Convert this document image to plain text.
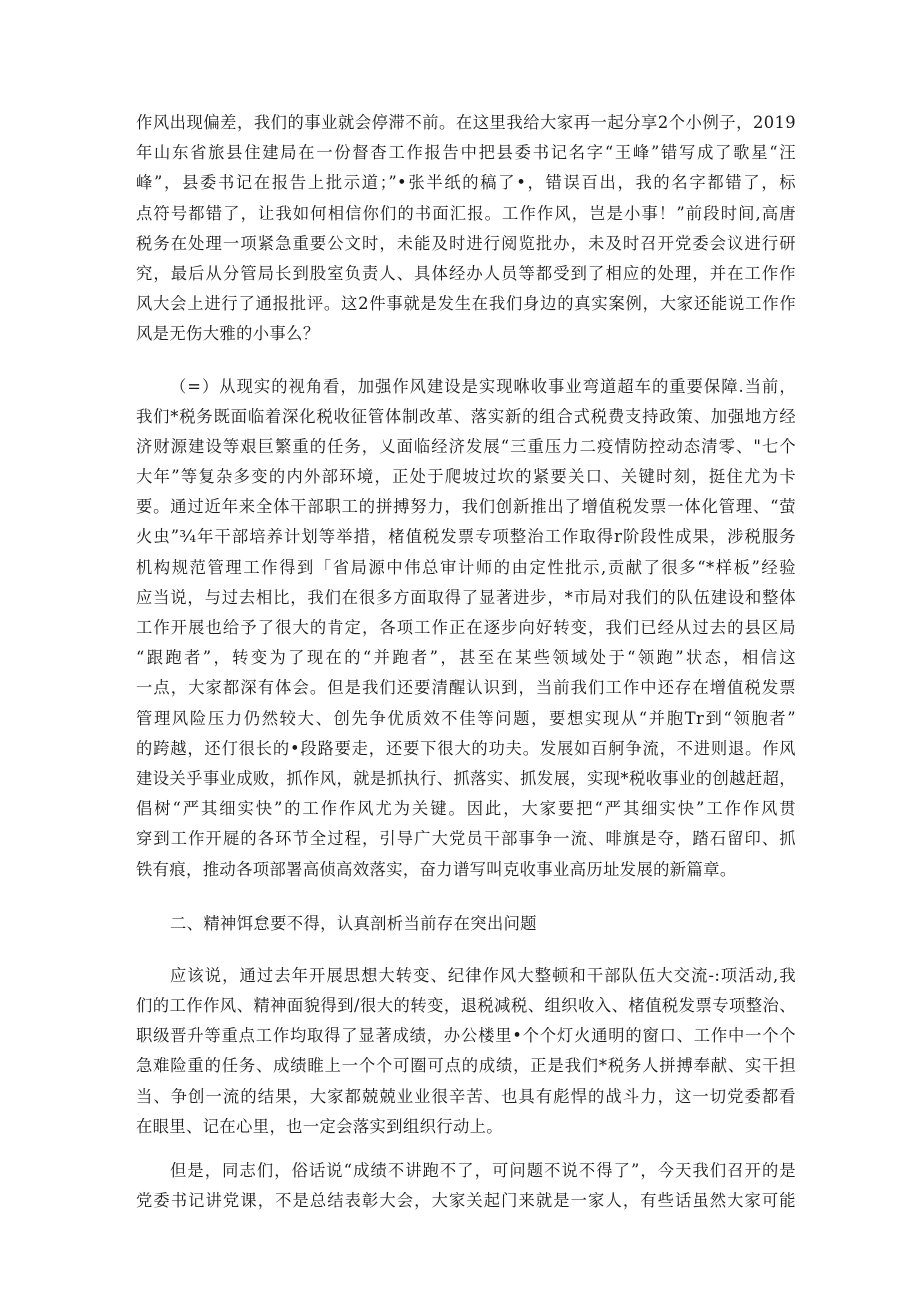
作风出现偏差，我们的事业就会停滞不前。在这里我给大家再一起分享2个小例子，2019
年山东省旅县住建局在一份督杳工作报告中把县委书记名字“王峰”错写成了歌星“汪
峰”，县委书记在报告上批示道；”•张半纸的稿了•，错误百出，我的名字都错了，标
点符号都错了，让我如何相信你们的书面汇报。工作作风，岂是小事！”前段时间,高唐
税务在处理一项紧急重要公文时，未能及时进行阅览批办，未及时召开党委会议进行研
究，最后从分管局长到股室负责人、具体经办人员等都受到了相应的处理，并在工作作
风大会上进行了通报批评。这2件事就是发生在我们身边的真实案例，大家还能说工作作
风是无伤大雅的小事么？
（=）从现实的视角看，加强作风建设是实现咻收事业弯道超车的重要保障.当前，
我们*税务既面临着深化税收征管体制改革、落实新的组合式税费支持政策、加强地方经
济财源建设等艰巨繁重的任务，乂面临经济发展“三重压力二疫情防控动态清零、"七个
大年”等复杂多变的内外部环境，正处于爬坡过坎的紧要关口、关键时刻，挺住尤为卡
要。通过近年来全体干部职工的拼搏努力，我们创新推出了增值税发票一体化管理、“萤
火虫”³⁄₄年干部培养计划等举措，楮值税发票专项整治工作取得r阶段性成果，涉税服务
机构规范管理工作得到「省局源中伟总审计师的由定性批示,贡献了很多“*样板”经验
应当说，与过去相比，我们在很多方面取得了显著进步，*市局对我们的队伍建设和整体
工作开展也给予了很大的肯定，各项工作正在逐步向好转变，我们已经从过去的县区局
“跟跑者”，转变为了现在的“并跑者”，甚至在某些领域处于“领跑”状态，相信这
一点，大家都深有体会。但是我们还要清醒认识到，当前我们工作中还存在增值税发票
管理风险压力仍然较大、创先争优质效不佳等问题，要想实现从“并胞Tr到“领胞者”
的跨越，还仃很长的•段路要走，还要下很大的功夫。发展如百舸争流，不进则退。作风
建设关乎事业成败，抓作风，就是抓执行、抓落实、抓发展，实现*税收事业的创越赶超，
倡树“严其细实快”的工作作风尤为关键。因此，大家要把“严其细实快”工作作风贯
穿到工作开屣的各环节全过程，引导广大党员干部事争一流、啡旗是夺，踏石留印、抓
铁有痕，推动各项部署高侦高效落实，奋力谱写叫克收事业高历址发展的新篇章。
二、精神饵怠要不得，认真剖析当前存在突出问题
应该说，通过去年开展思想大转变、纪律作风大整顿和干部队伍大交流-:项活动,我
们的工作作风、精神面貌得到/很大的转变，退税减税、组织收入、楮值税发票专项整治、
职级晋升等重点工作均取得了显著成绩，办公楼里•个个灯火通明的窗口、工作中一个个
急难险重的任务、成绩睢上一个个可圈可点的成绩，正是我们*税务人拼搏奉献、实干担
当、争创一流的结果，大家都兢兢业业很辛苦、也具有彪悍的战斗力，这一切党委都看
在眼里、记在心里，也一定会落实到组织行动上。
但是，同志们，俗话说“成绩不讲跑不了，可问题不说不得了”，今天我们召开的是
党委书记讲党课，不是总结表彰大会，大家关起门来就是一家人，有些话虽然大家可能
